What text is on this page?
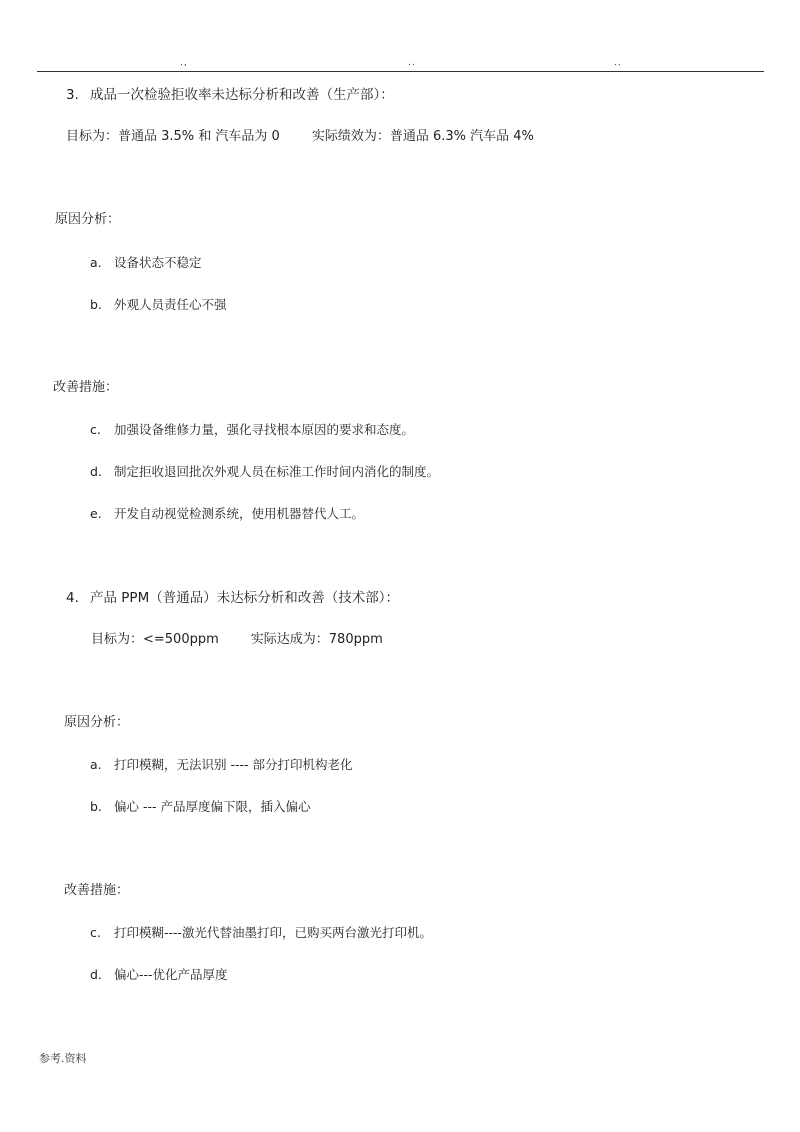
.,	..	..
3. 成品一次检验拒收率未达标分析和改善（生产部）：
目标为：普通品 3.5% 和 汽车品为 0 实际绩效为：普通品 6.3% 汽车品 4%
原因分析：
a. 设备状态不稳定
b. 外观人员责任心不强
改善措施：
c. 加强设备维修力量，强化寻找根本原因的要求和态度。
d. 制定拒收退回批次外观人员在标准工作时间内消化的制度。
e. 开发自动视觉检测系统，使用机器替代人工。
4. 产品 PPM（普通品）未达标分析和改善（技术部）：
目标为：<=500ppm 实际达成为：780ppm
原因分析：
a. 打印模糊，无法识别 ---- 部分打印机构老化
b. 偏心 --- 产品厚度偏下限，插入偏心
改善措施：
c. 打印模糊----激光代替油墨打印，已购买两台激光打印机。
d. 偏心---优化产品厚度
参考.资料
